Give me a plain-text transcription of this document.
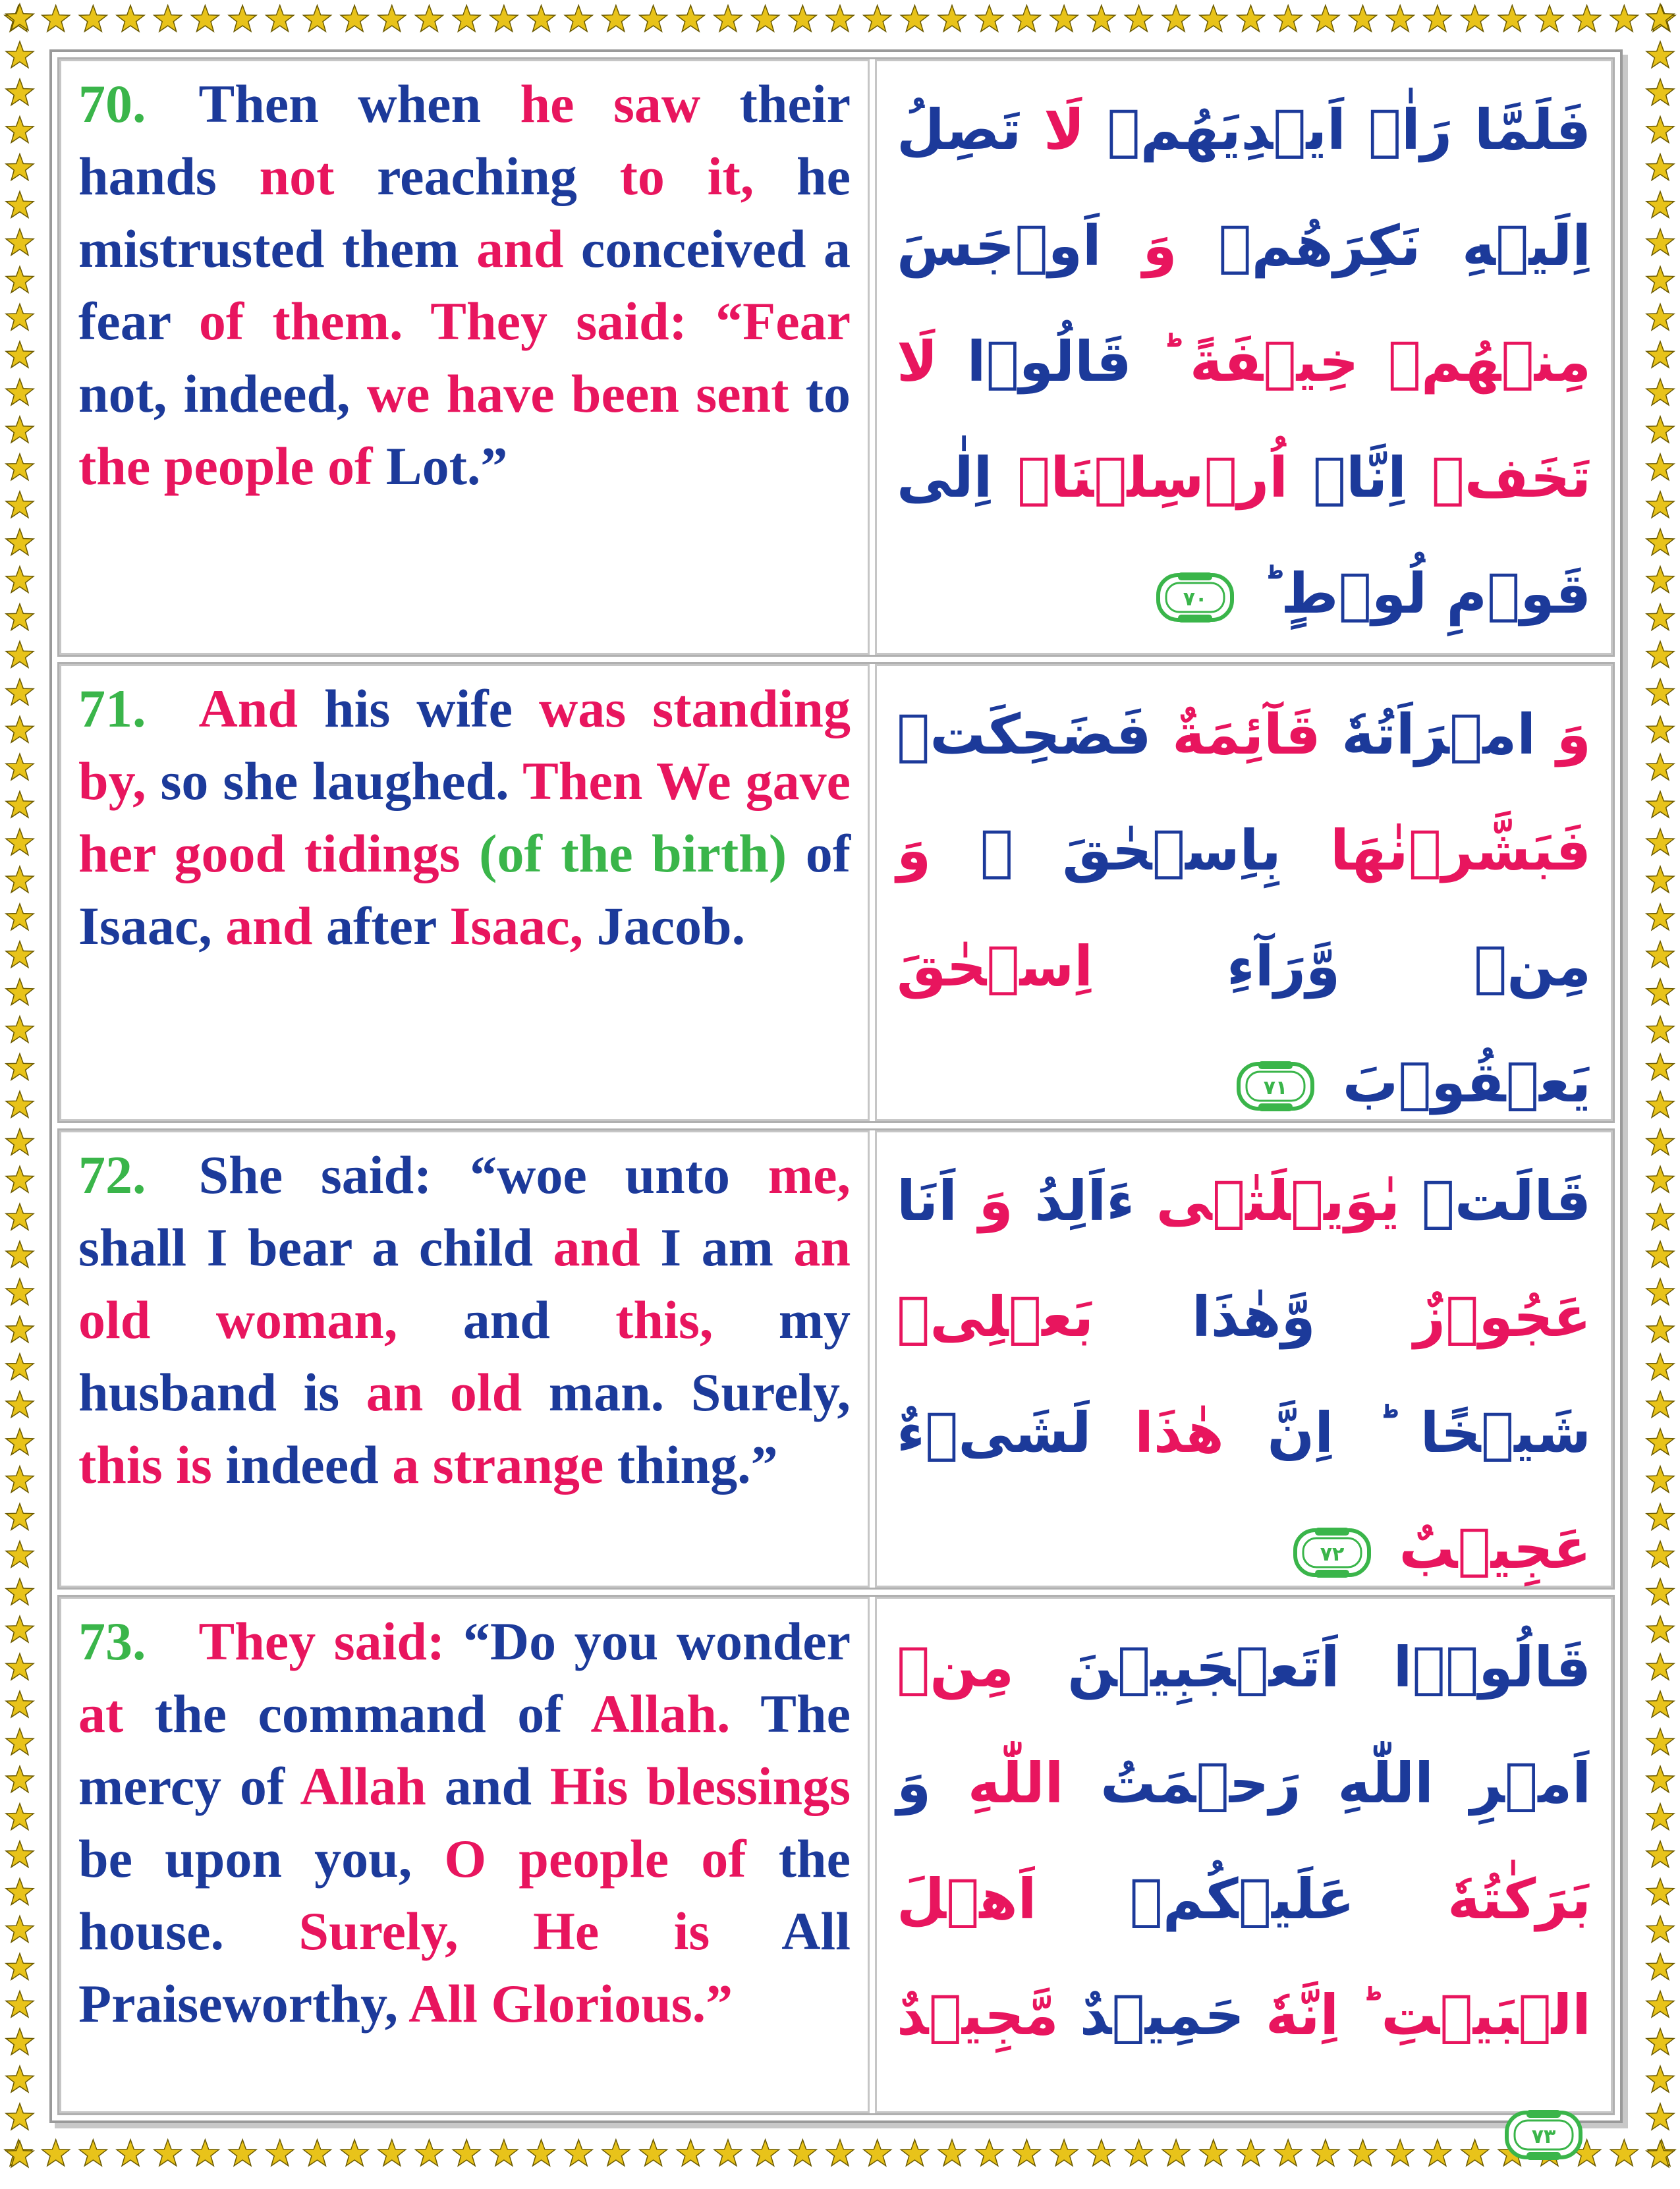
70. Then when he saw their hands not reaching to it, he mistrusted them and conceived a fear of them. They said: “Fear not, indeed, we have been sent to the people of Lot.”
فَلَمَّا رَاٰۤ اَیۡدِیَهُمۡ لَا تَصِلُ اِلَیۡهِ نَكِرَهُمۡ وَ اَوۡجَسَ مِنۡهُمۡ خِیۡفَةً ؕ قَالُوۡا لَا تَخَفۡ اِنَّاۤ اُرۡسِلۡنَاۤ اِلٰی قَوۡمِ لُوۡطٍ ؕ
٧٠
71. And his wife was standing by, so she laughed. Then We gave her good tidings (of the birth) of Isaac, and after Isaac, Jacob.
وَ امۡرَاَتُهٗ قَآئِمَةٌ فَضَحِكَتۡ فَبَشَّرۡنٰهَا بِاِسۡحٰقَ ۙ وَ مِنۡ وَّرَآءِ اِسۡحٰقَ یَعۡقُوۡبَ
٧١
72. She said: “woe unto me, shall I bear a child and I am an old woman, and this, my husband is an old man. Surely, this is indeed a strange thing.”
قَالَتۡ یٰوَیۡلَتٰۤی ءَاَلِدُ وَ اَنَا عَجُوۡزٌ وَّهٰذَا بَعۡلِیۡ شَیۡخًا ؕ اِنَّ هٰذَا لَشَیۡءٌ عَجِیۡبٌ
٧٢
73. They said: “Do you wonder at the command of Allah. The mercy of Allah and His blessings be upon you, O people of the house. Surely, He is All Praiseworthy, All Glorious.”
قَالُوۡۤا اَتَعۡجَبِیۡنَ مِنۡ اَمۡرِ اللّٰهِ رَحۡمَتُ اللّٰهِ وَ بَرَكٰتُهٗ عَلَیۡكُمۡ اَهۡلَ الۡبَیۡتِ ؕ اِنَّهٗ حَمِیۡدٌ مَّجِیۡدٌ
٧٣
